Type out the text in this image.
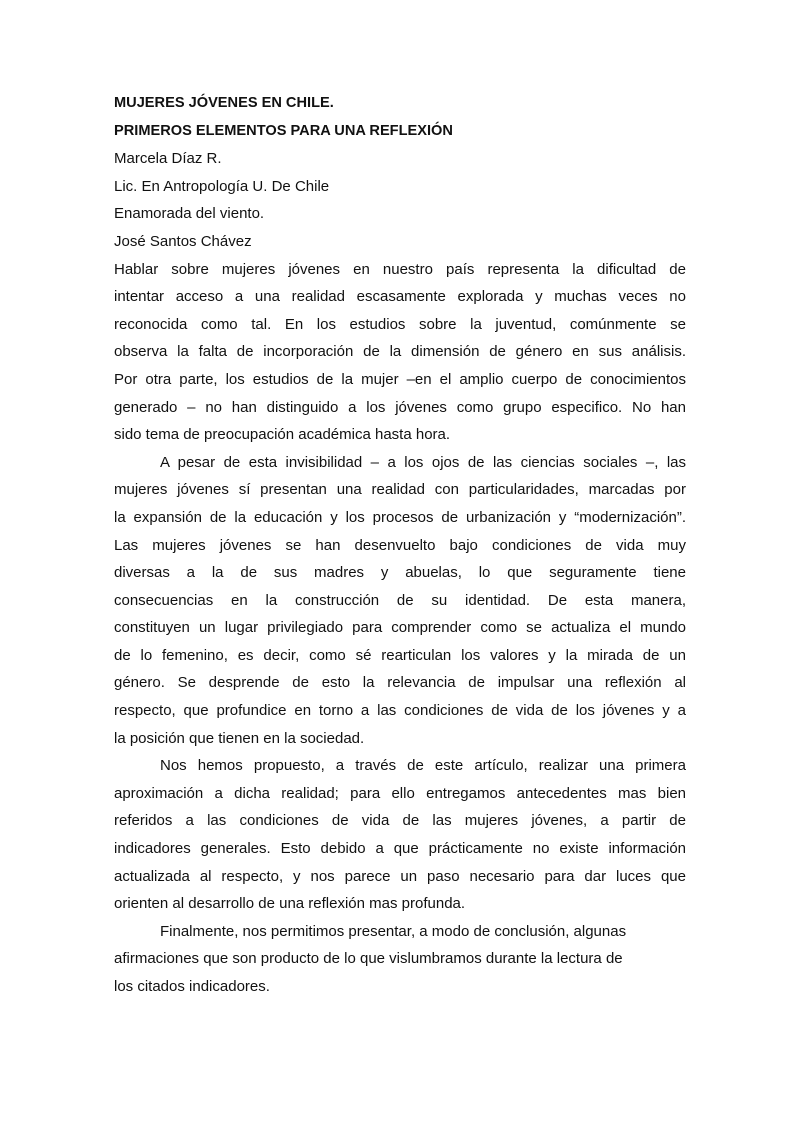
MUJERES JÓVENES EN CHILE.

PRIMEROS ELEMENTOS PARA UNA REFLEXIÓN

Marcela Díaz R.

Lic. En Antropología U. De Chile

Enamorada del viento.

José Santos Chávez

Hablar sobre mujeres jóvenes en nuestro país representa la dificultad de
intentar acceso a una realidad escasamente explorada y muchas veces no
reconocida como tal. En los estudios sobre la juventud, comúnmente se
observa la falta de incorporación de la dimensión de género en sus análisis.
Por otra parte, los estudios de la mujer –en el amplio cuerpo de conocimientos
generado – no han distinguido a los jóvenes como grupo especifico. No han
sido tema de preocupación académica hasta hora.
A pesar de esta invisibilidad – a los ojos de las ciencias sociales –, las
mujeres jóvenes sí presentan una realidad con particularidades, marcadas por
la expansión de la educación y los procesos de urbanización y “modernización”.
Las mujeres jóvenes se han desenvuelto bajo condiciones de vida muy
diversas a la de sus madres y abuelas, lo que seguramente tiene
consecuencias en la construcción de su identidad. De esta manera,
constituyen un lugar privilegiado para comprender como se actualiza el mundo
de lo femenino, es decir, como sé rearticulan los valores y la mirada de un
género. Se desprende de esto la relevancia de impulsar una reflexión al
respecto, que profundice en torno a las condiciones de vida de los jóvenes y a
la posición que tienen en la sociedad.
Nos hemos propuesto, a través de este artículo, realizar una primera
aproximación a dicha realidad; para ello entregamos antecedentes mas bien
referidos a las condiciones de vida de las mujeres jóvenes, a partir de
indicadores generales. Esto debido a que prácticamente no existe información
actualizada al respecto, y nos parece un paso necesario para dar luces que
orienten al desarrollo de una reflexión mas profunda.
Finalmente, nos permitimos presentar, a modo de conclusión, algunas
afirmaciones que son producto de lo que vislumbramos durante la lectura de
los citados indicadores.
